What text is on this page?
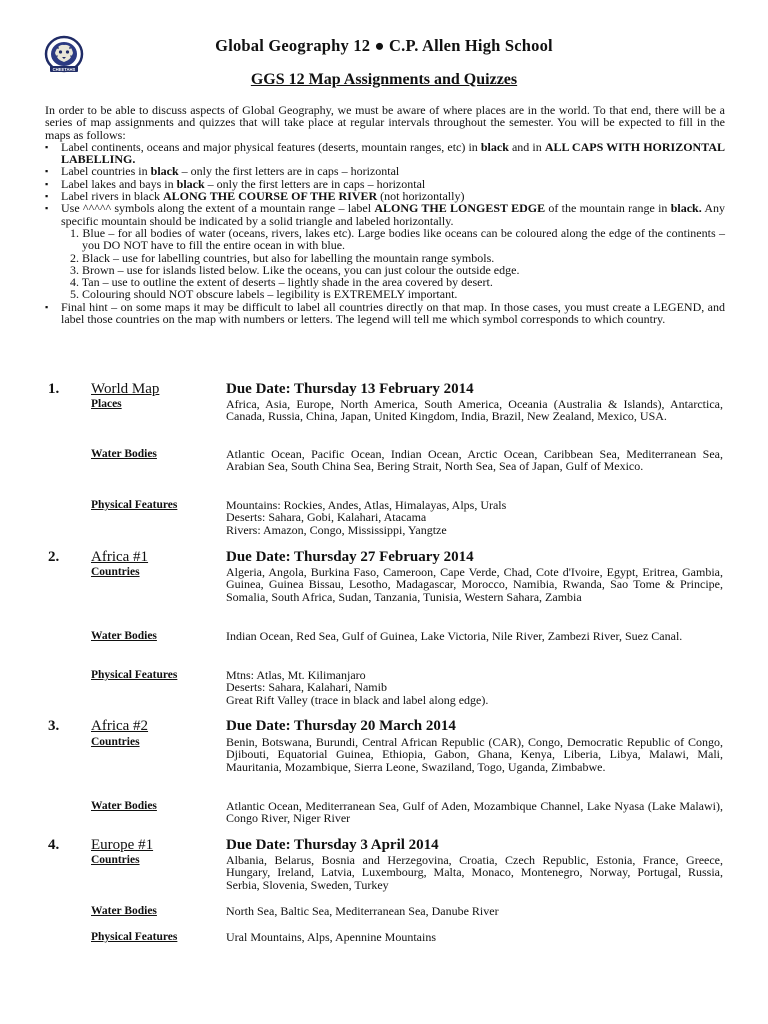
CHEETAHS
Global Geography 12 ● C.P. Allen High School
GGS 12 Map Assignments and Quizzes

In order to be able to discuss aspects of Global Geography, we must be aware of where places are in the world. To that end, there will be a series of map assignments and quizzes that will take place at regular intervals throughout the semester. You will be expected to fill in the maps as follows:

▪ Label continents, oceans and major physical features (deserts, mountain ranges, etc) in black and in ALL CAPS WITH HORIZONTAL LABELLING.
▪ Label countries in black – only the first letters are in caps – horizontal
▪ Label lakes and bays in black – only the first letters are in caps – horizontal
▪ Label rivers in black ALONG THE COURSE OF THE RIVER (not horizontally)
▪ Use ^^^^^ symbols along the extent of a mountain range – label ALONG THE LONGEST EDGE of the mountain range in black. Any specific mountain should be indicated by a solid triangle and labeled horizontally.
1. Blue – for all bodies of water (oceans, rivers, lakes etc). Large bodies like oceans can be coloured along the edge of the continents – you DO NOT have to fill the entire ocean in with blue.
2. Black – use for labelling countries, but also for labelling the mountain range symbols.
3. Brown – use for islands listed below. Like the oceans, you can just colour the outside edge.
4. Tan – use to outline the extent of deserts – lightly shade in the area covered by desert.
5. Colouring should NOT obscure labels – legibility is EXTREMELY important.
▪ Final hint – on some maps it may be difficult to label all countries directly on that map. In those cases, you must create a LEGEND, and label those countries on the map with numbers or letters. The legend will tell me which symbol corresponds to which country.
1. World Map	Due Date: Thursday 13 February 2014
Places	Africa, Asia, Europe, North America, South America, Oceania (Australia & Islands), Antarctica, Canada, Russia, China, Japan, United Kingdom, India, Brazil, New Zealand, Mexico, USA.
Water Bodies	Atlantic Ocean, Pacific Ocean, Indian Ocean, Arctic Ocean, Caribbean Sea, Mediterranean Sea, Arabian Sea, South China Sea, Bering Strait, North Sea, Sea of Japan, Gulf of Mexico.
Physical Features	Mountains: Rockies, Andes, Atlas, Himalayas, Alps, Urals
Deserts: Sahara, Gobi, Kalahari, Atacama
Rivers: Amazon, Congo, Mississippi, Yangtze
2. Africa #1	Due Date: Thursday 27 February 2014
Countries	Algeria, Angola, Burkina Faso, Cameroon, Cape Verde, Chad, Cote d'Ivoire, Egypt, Eritrea, Gambia, Guinea, Guinea Bissau, Lesotho, Madagascar, Morocco, Namibia, Rwanda, Sao Tome & Principe, Somalia, South Africa, Sudan, Tanzania, Tunisia, Western Sahara, Zambia
Water Bodies	Indian Ocean, Red Sea, Gulf of Guinea, Lake Victoria, Nile River, Zambezi River, Suez Canal.
Physical Features	Mtns: Atlas, Mt. Kilimanjaro
Deserts: Sahara, Kalahari, Namib
Great Rift Valley (trace in black and label along edge).
3. Africa #2	Due Date: Thursday 20 March 2014
Countries	Benin, Botswana, Burundi, Central African Republic (CAR), Congo, Democratic Republic of Congo, Djibouti, Equatorial Guinea, Ethiopia, Gabon, Ghana, Kenya, Liberia, Libya, Malawi, Mali, Mauritania, Mozambique, Sierra Leone, Swaziland, Togo, Uganda, Zimbabwe.
Water Bodies	Atlantic Ocean, Mediterranean Sea, Gulf of Aden, Mozambique Channel, Lake Nyasa (Lake Malawi), Congo River, Niger River
4. Europe #1	Due Date: Thursday 3 April 2014
Countries	Albania, Belarus, Bosnia and Herzegovina, Croatia, Czech Republic, Estonia, France, Greece, Hungary, Ireland, Latvia, Luxembourg, Malta, Monaco, Montenegro, Norway, Portugal, Russia, Serbia, Slovenia, Sweden, Turkey
Water Bodies	North Sea, Baltic Sea, Mediterranean Sea, Danube River
Physical Features	Ural Mountains, Alps, Apennine Mountains
